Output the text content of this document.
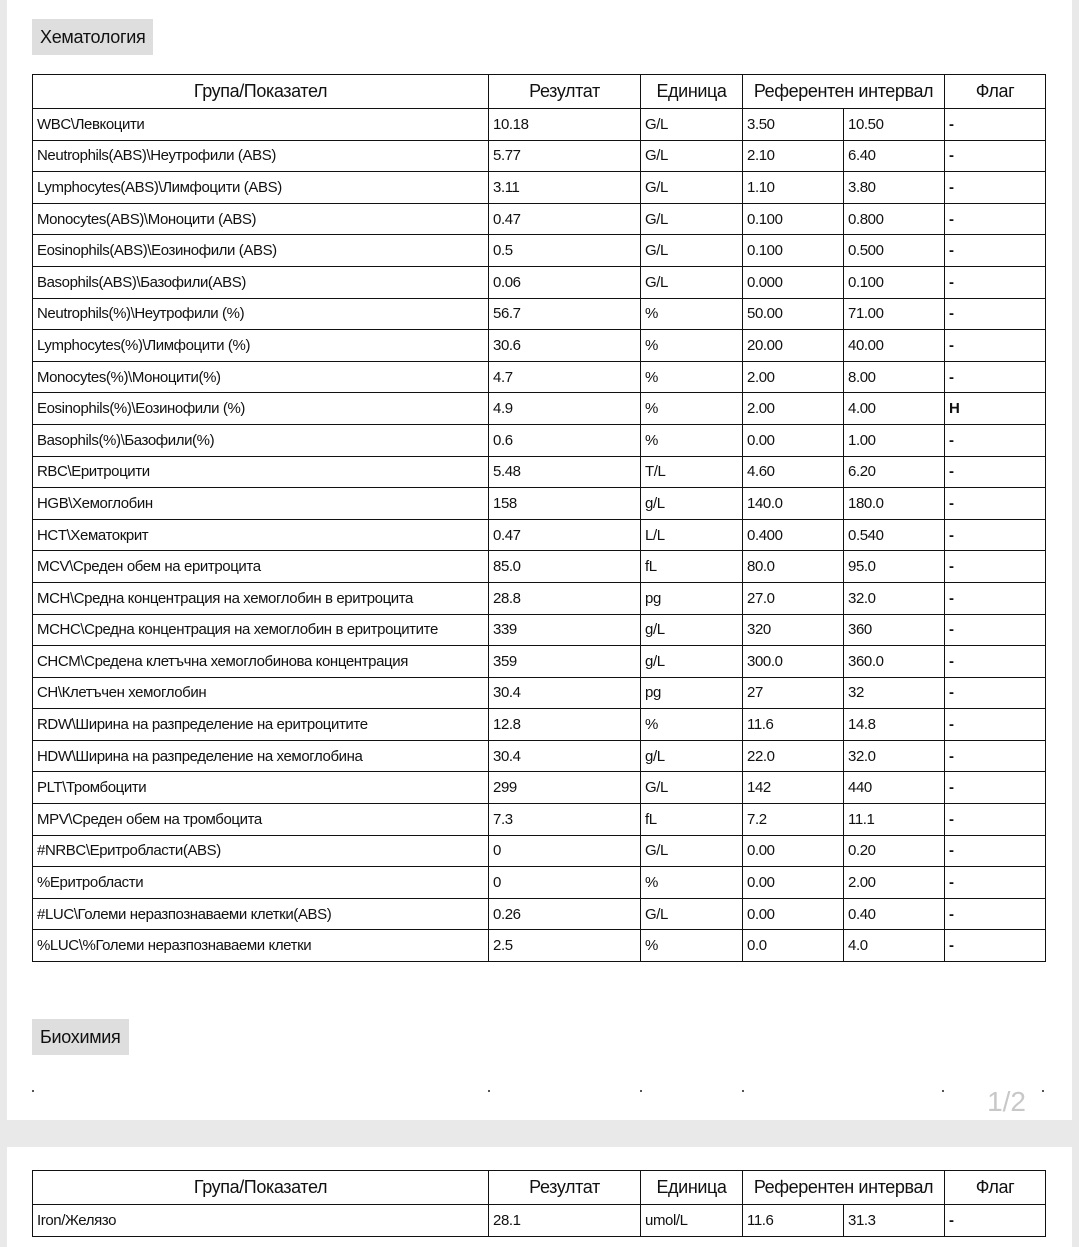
Хематология
Група/Показател	Резултат	Единица	Референтен интервал		Флаг
WBC\Левкоцити	10.18	G/L	3.50	10.50	-
Neutrophils(ABS)\Неутрофили (ABS)	5.77	G/L	2.10	6.40	-
Lymphocytes(ABS)\Лимфоцити (ABS)	3.11	G/L	1.10	3.80	-
Monocytes(ABS)\Моноцити (ABS)	0.47	G/L	0.100	0.800	-
Eosinophils(ABS)\Еозинофили (ABS)	0.5	G/L	0.100	0.500	-
Basophils(ABS)\Базофили(ABS)	0.06	G/L	0.000	0.100	-
Neutrophils(%)\Неутрофили (%)	56.7	%	50.00	71.00	-
Lymphocytes(%)\Лимфоцити (%)	30.6	%	20.00	40.00	-
Monocytes(%)\Моноцити(%)	4.7	%	2.00	8.00	-
Eosinophils(%)\Еозинофили (%)	4.9	%	2.00	4.00	H
Basophils(%)\Базофили(%)	0.6	%	0.00	1.00	-
RBC\Еритроцити	5.48	T/L	4.60	6.20	-
HGB\Хемоглобин	158	g/L	140.0	180.0	-
HCT\Хематокрит	0.47	L/L	0.400	0.540	-
MCV\Среден обем на еритроцита	85.0	fL	80.0	95.0	-
MCH\Средна концентрация на хемоглобин в еритроцита	28.8	pg	27.0	32.0	-
MCHC\Средна концентрация на хемоглобин в еритроцитите	339	g/L	320	360	-
CHCM\Средена клетъчна хемоглобинова концентрация	359	g/L	300.0	360.0	-
CH\Клетъчен хемоглобин	30.4	pg	27	32	-
RDW\Ширина на разпределение на еритроцитите	12.8	%	11.6	14.8	-
HDW\Ширина на разпределение на хемоглобина	30.4	g/L	22.0	32.0	-
PLT\Тромбоцити	299	G/L	142	440	-
MPV\Среден обем на тромбоцита	7.3	fL	7.2	11.1	-
#NRBC\Еритробласти(ABS)	0	G/L	0.00	0.20	-
%Еритробласти	0	%	0.00	2.00	-
#LUC\Големи неразпознаваеми клетки(ABS)	0.26	G/L	0.00	0.40	-
%LUC\%Големи неразпознаваеми клетки	2.5	%	0.0	4.0	-
Биохимия
1/2
Група/Показател	Резултат	Единица	Референтен интервал		Флаг
Iron/Желязо	28.1	umol/L	11.6	31.3	-
